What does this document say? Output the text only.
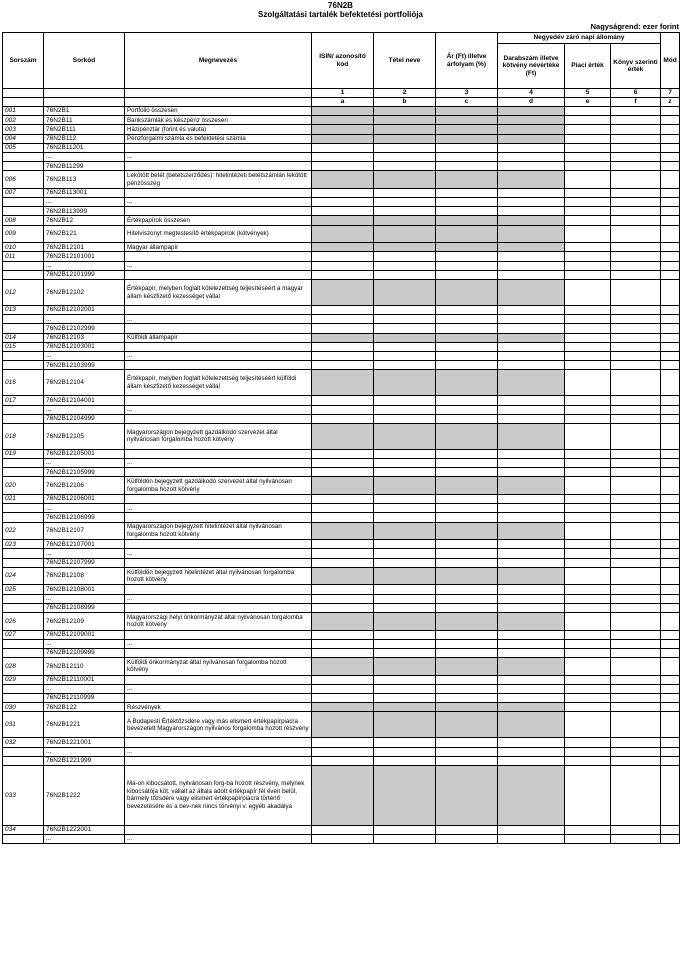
76N2B
Szolgáltatási tartalék befektetési portfoliója
Nagyságrend: ezer forint
Sorszám	Sorkód	Megnevezés	ISIN/ azonosító kód	Tétel neve	Ár (Ft) illetve árfolyam (%)	Negyedév záró napi állomány			Mód
						Darabszám illetve kötvény névértéke (Ft)	Piaci érték	Könyv szerinti érték	
			1	2	3	4	5	6	7
			a	b	c	d	e	f	z
001	76N2B1	Portfolió összesen							
002	76N2B11	Bankszámlák és készpénz összesen							
003	76N2B111	Házipénztár (forint és valuta)							
004	76N2B112	Pénzforgalmi számla és befektetési számla							
005	76N2B11201								
	...	...							
	76N2B11299								
006	76N2B113	Lekötött betét (betétszerződés): hitelintézeti betétszámlán lekötött pénzösszeg							
007	76N2B113001								
	...	...							
	76N2B113999								
008	76N2B12	Értékpapírok összesen							
009	76N2B121	Hitelviszonyt megtestesítő értékpapírok (kötvények)							
010	76N2B12101	Magyar állampapír							
011	76N2B12101001								
	...	...							
	76N2B12101999								
012	76N2B12102	Értékpapír, melyben foglalt kötelezettség teljesítéséért a magyar állam készfizető kezességet vállal							
013	76N2B12102001								
	...	...							
	76N2B12102999								
014	76N2B12103	Külföldi állampapír							
015	76N2B12103001								
	...	...							
	76N2B12103999								
016	76N2B12104	Értékpapír, melyben foglalt kötelezettség teljesítéséért külföldi állam készfizető kezességet vállal							
017	76N2B12104001								
	...	...							
	76N2B12104999								
018	76N2B12105	Magyarországon bejegyzett gazdálkodó szervezet által nyilvánosan forgalomba hozott kötvény							
019	76N2B12105001								
	...	...							
	76N2B12105999								
020	76N2B12106	Külföldön bejegyzett gazdálkodó szervezet által nyilvánosan forgalomba hozott kötvény							
021	76N2B12106001								
	...	...							
	76N2B12106999								
022	76N2B12107	Magyarországon bejegyzett hitelintézet által nyilvánosan forgalomba hozott kötvény							
023	76N2B12107001								
	...	...							
	76N2B12107999								
024	76N2B12108	Külföldön bejegyzett hitelintézet által nyilvánosan forgalomba hozott kötvény							
025	76N2B12108001								
	...	...							
	76N2B12108999								
026	76N2B12109	Magyarországi helyi önkormányzat által nyilvánosan forgalomba hozott kötvény							
027	76N2B12109001								
	...	...							
	76N2B12109999								
028	76N2B12110	Külföldi önkormányzat által nyilvánosan forgalomba hozott kötvény							
029	76N2B12110001								
	...	...							
	76N2B12110999								
030	76N2B122	Részvények							
031	76N2B1221	A Budapesti Értéktőzsdére vagy más elismert értékpapírpiacra bevezetett Magyarországon nyilvános forgalomba hozott részvény							
032	76N2B1221001								
	...	...							
	76N2B1221999								
033	76N2B1222	Ma-on kibocsátott, nyilvánosan forg-ba hozott részvény, melynek kibocsátója köt. vállalt az általa adott értékpapír fél éven belül, bármely tőzsdére vagy elismert értékpapírpiacra történő bevezetésére és a bev-nek nincs törvényi v. egyéb akadálya							
034	76N2B1222001								
	...	...							
